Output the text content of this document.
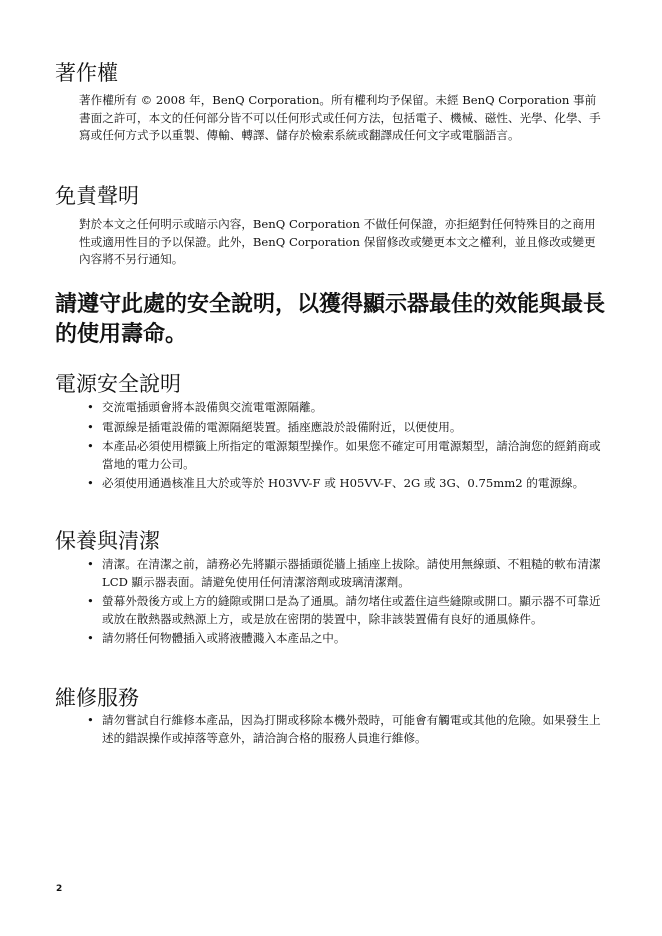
著作權

著作權所有 © 2008 年，BenQ Corporation。所有權利均予保留。未經 BenQ Corporation 事前書面之許可，本文的任何部分皆不可以任何形式或任何方法，包括電子、機械、磁性、光學、化學、手寫或任何方式予以重製、傳輸、轉譯、儲存於檢索系統或翻譯成任何文字或電腦語言。

免責聲明

對於本文之任何明示或暗示內容，BenQ Corporation 不做任何保證，亦拒絕對任何特殊目的之商用性或適用性目的予以保證。此外，BenQ Corporation 保留修改或變更本文之權利，並且修改或變更內容將不另行通知。

請遵守此處的安全說明，以獲得顯示器最佳的效能與最長的使用壽命。
電源安全說明
• 交流電插頭會將本設備與交流電電源隔離。
• 電源線是插電設備的電源隔絕裝置。插座應設於設備附近，以便使用。
• 本產品必須使用標籤上所指定的電源類型操作。如果您不確定可用電源類型，請洽詢您的經銷商或當地的電力公司。
• 必須使用通過核准且大於或等於 H03VV-F 或 H05VV-F、2G 或 3G、0.75mm2 的電源線。
保養與清潔
• 清潔。在清潔之前，請務必先將顯示器插頭從牆上插座上拔除。請使用無線頭、不粗糙的軟布清潔 LCD 顯示器表面。請避免使用任何清潔溶劑或玻璃清潔劑。
• 螢幕外殼後方或上方的縫隙或開口是為了通風。請勿堵住或蓋住這些縫隙或開口。顯示器不可靠近或放在散熱器或熱源上方，或是放在密閉的裝置中，除非該裝置備有良好的通風條件。
• 請勿將任何物體插入或將液體濺入本產品之中。
維修服務
• 請勿嘗試自行維修本產品，因為打開或移除本機外殼時，可能會有觸電或其他的危險。如果發生上述的錯誤操作或掉落等意外，請洽詢合格的服務人員進行維修。
2
